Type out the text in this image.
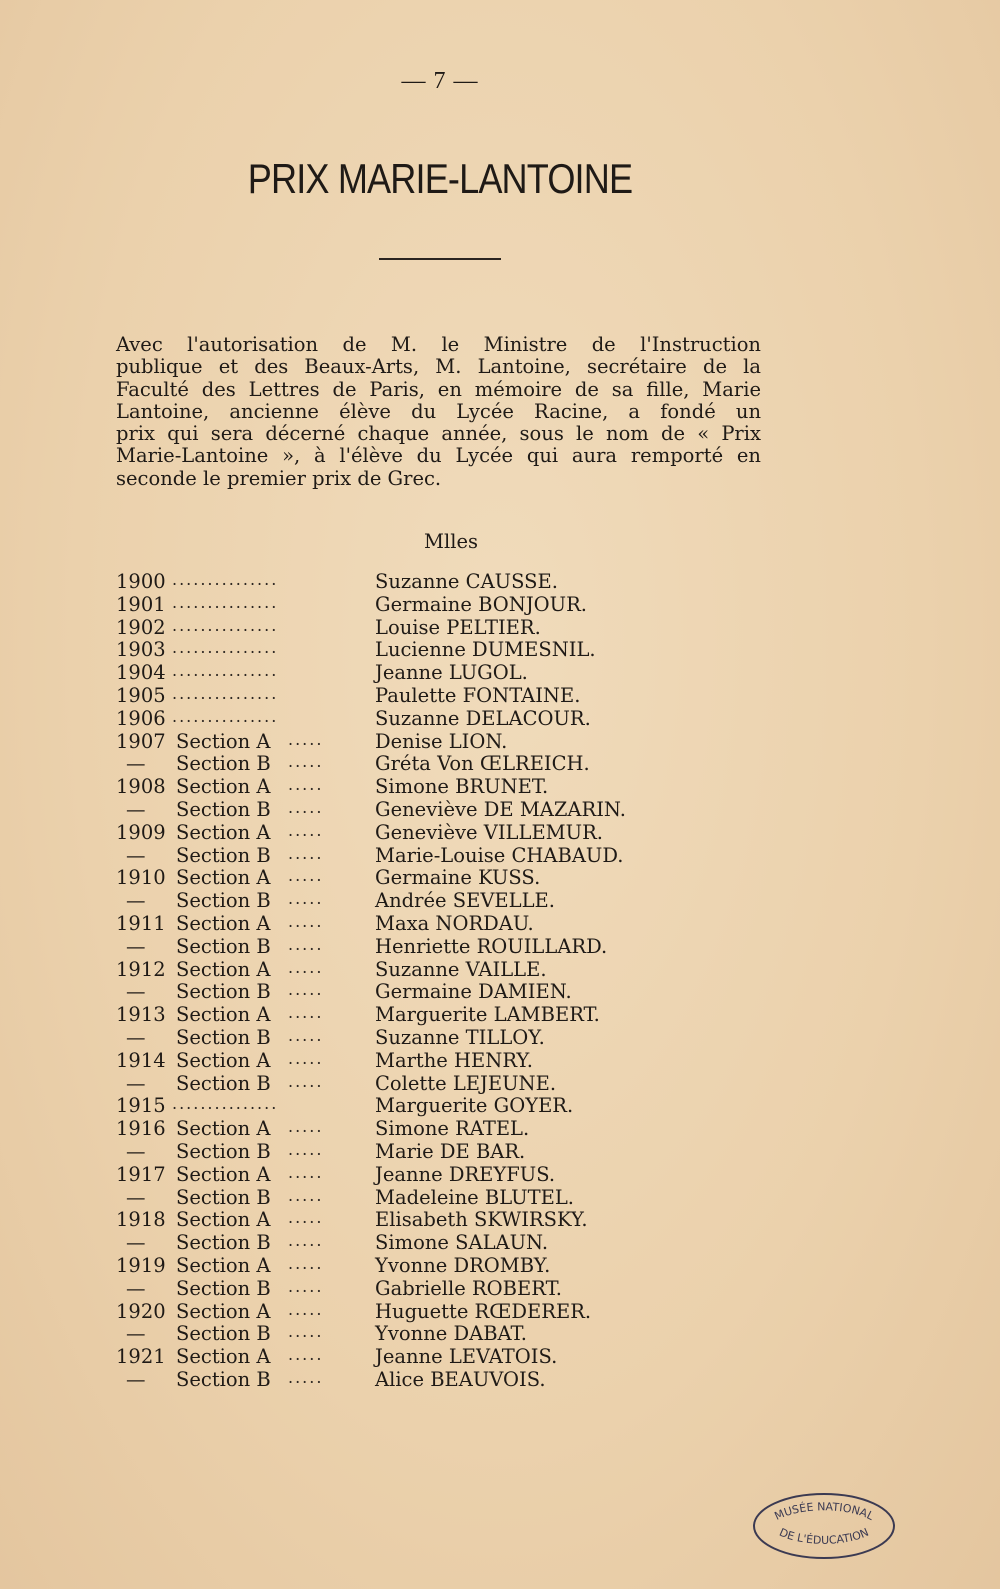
— 7 —
PRIX MARIE-LANTOINE

Avec l'autorisation de M. le Ministre de l'Instruction
publique et des Beaux-Arts, M. Lantoine, secrétaire de la
Faculté des Lettres de Paris, en mémoire de sa fille, Marie
Lantoine, ancienne élève du Lycée Racine, a fondé un
prix qui sera décerné chaque année, sous le nom de « Prix
Marie-Lantoine », à l'élève du Lycée qui aura remporté en
seconde le premier prix de Grec.

Mlles
1900 ...............	Suzanne CAUSSE.
1901 ...............	Germaine BONJOUR.
1902 ...............	Louise PELTIER.
1903 ...............	Lucienne DUMESNIL.
1904 ...............	Jeanne LUGOL.
1905 ...............	Paulette FONTAINE.
1906 ...............	Suzanne DELACOUR.
1907 Section A .....	Denise LION.
— Section B .....	Gréta Von ŒLREICH.
1908 Section A .....	Simone BRUNET.
— Section B .....	Geneviève DE MAZARIN.
1909 Section A .....	Geneviève VILLEMUR.
— Section B .....	Marie-Louise CHABAUD.
1910 Section A .....	Germaine KUSS.
— Section B .....	Andrée SEVELLE.
1911 Section A .....	Maxa NORDAU.
— Section B .....	Henriette ROUILLARD.
1912 Section A .....	Suzanne VAILLE.
— Section B .....	Germaine DAMIEN.
1913 Section A .....	Marguerite LAMBERT.
— Section B .....	Suzanne TILLOY.
1914 Section A .....	Marthe HENRY.
— Section B .....	Colette LEJEUNE.
1915 ...............	Marguerite GOYER.
1916 Section A .....	Simone RATEL.
— Section B .....	Marie DE BAR.
1917 Section A .....	Jeanne DREYFUS.
— Section B .....	Madeleine BLUTEL.
1918 Section A .....	Elisabeth SKWIRSKY.
— Section B .....	Simone SALAUN.
1919 Section A .....	Yvonne DROMBY.
— Section B .....	Gabrielle ROBERT.
1920 Section A .....	Huguette RŒDERER.
— Section B .....	Yvonne DABAT.
1921 Section A .....	Jeanne LEVATOIS.
— Section B .....	Alice BEAUVOIS.
MUSÉE NATIONAL
DE L'ÉDUCATION
